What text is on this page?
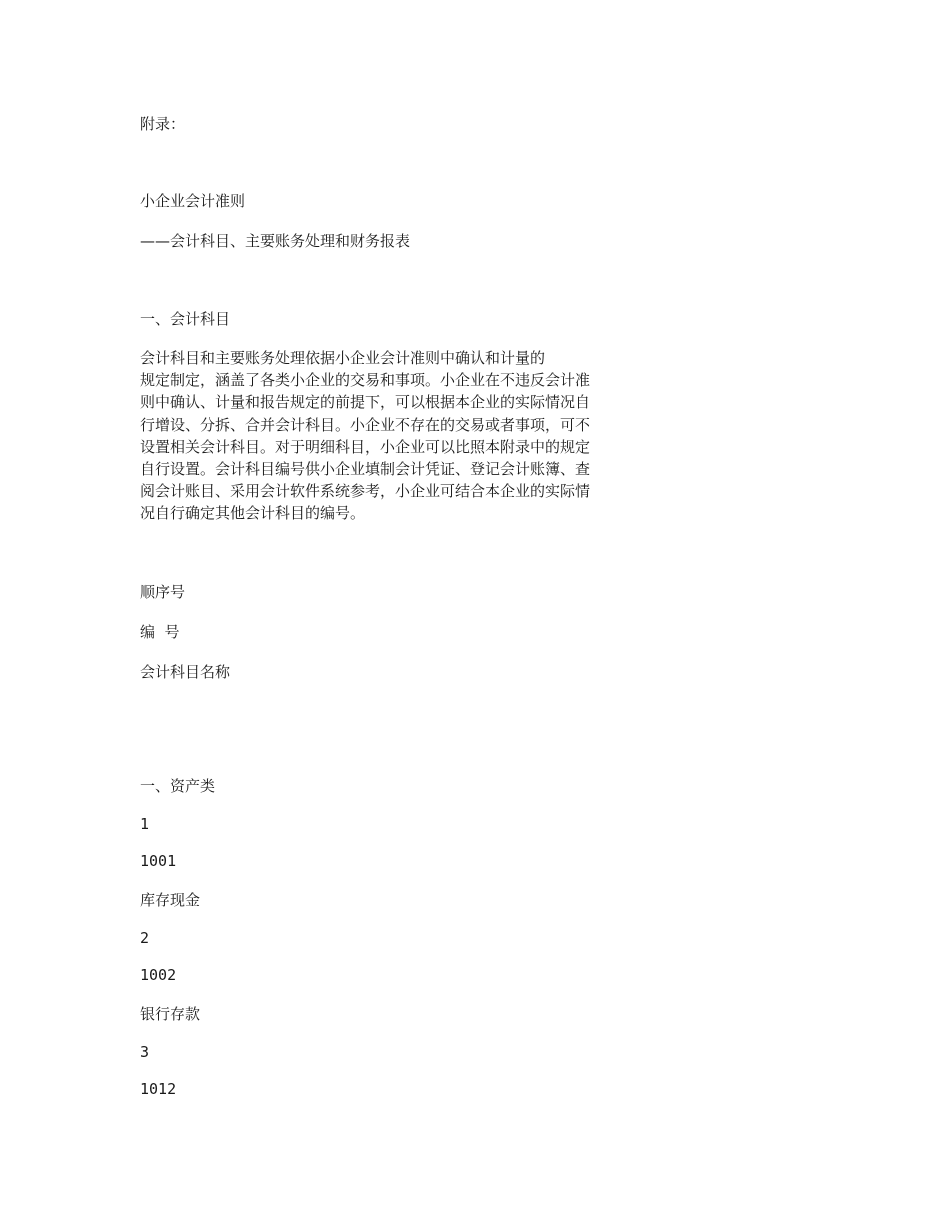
附录：
小企业会计准则
——会计科目、主要账务处理和财务报表
一、会计科目
会计科目和主要账务处理依据小企业会计准则中确认和计量的
规定制定，涵盖了各类小企业的交易和事项。小企业在不违反会计准
则中确认、计量和报告规定的前提下，可以根据本企业的实际情况自
行增设、分拆、合并会计科目。小企业不存在的交易或者事项，可不
设置相关会计科目。对于明细科目，小企业可以比照本附录中的规定
自行设置。会计科目编号供小企业填制会计凭证、登记会计账簿、查
阅会计账目、采用会计软件系统参考，小企业可结合本企业的实际情
况自行确定其他会计科目的编号。
顺序号
编  号
会计科目名称
一、资产类
1
1001
库存现金
2
1002
银行存款
3
1012
